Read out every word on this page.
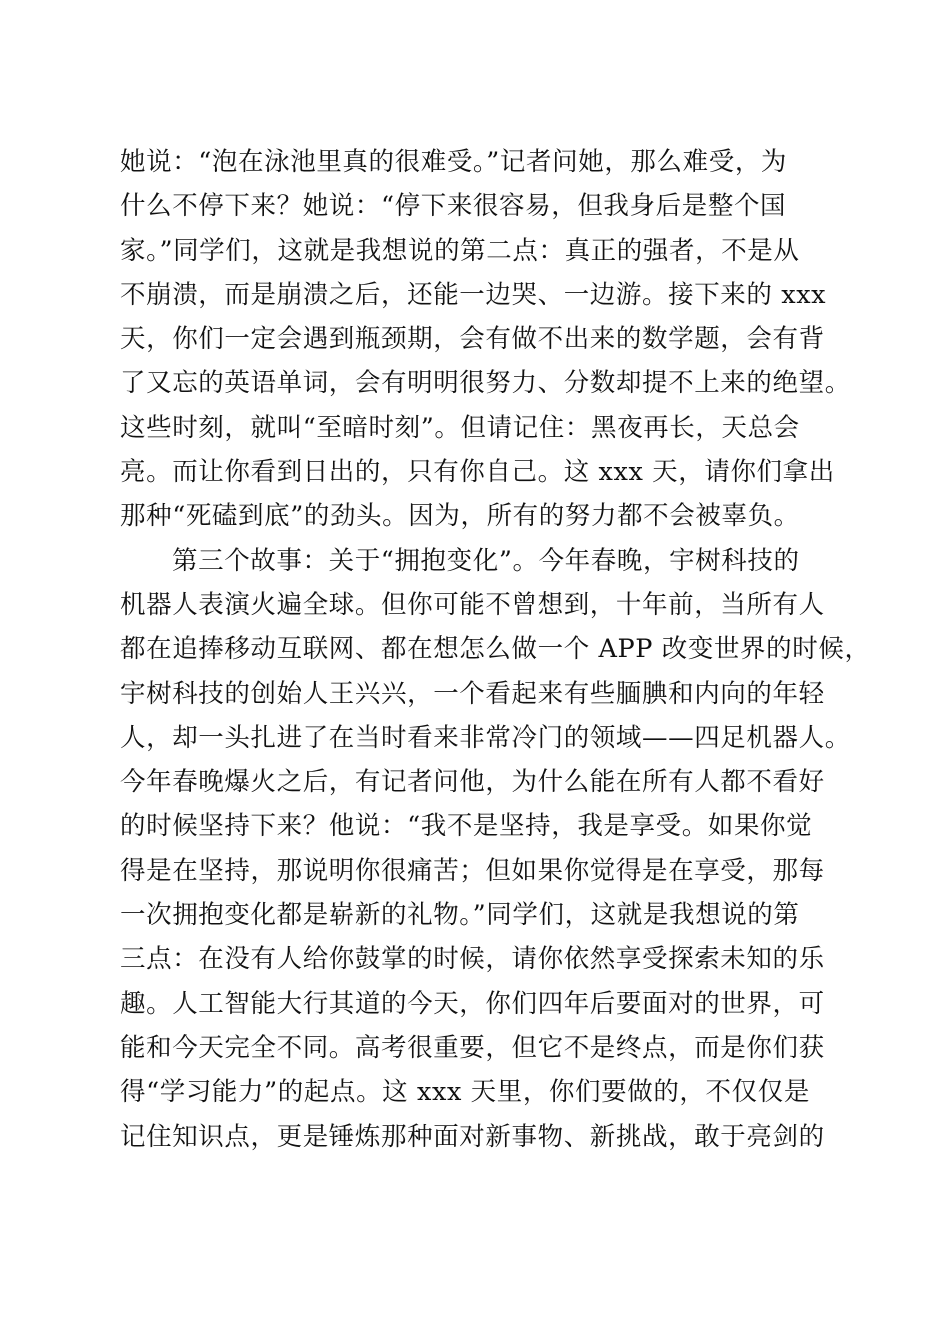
她说：“泡在泳池里真的很难受。”记者问她，那么难受，为
什么不停下来？她说：“停下来很容易，但我身后是整个国
家。”同学们，这就是我想说的第二点：真正的强者，不是从
不崩溃，而是崩溃之后，还能一边哭、一边游。接下来的 xxx
天，你们一定会遇到瓶颈期，会有做不出来的数学题，会有背
了又忘的英语单词，会有明明很努力、分数却提不上来的绝望。
这些时刻，就叫“至暗时刻”。但请记住：黑夜再长，天总会
亮。而让你看到日出的，只有你自己。这 xxx 天，请你们拿出
那种“死磕到底”的劲头。因为，所有的努力都不会被辜负。
第三个故事：关于“拥抱变化”。今年春晚，宇树科技的
机器人表演火遍全球。但你可能不曾想到，十年前，当所有人
都在追捧移动互联网、都在想怎么做一个 APP 改变世界的时候，
宇树科技的创始人王兴兴，一个看起来有些腼腆和内向的年轻
人，却一头扎进了在当时看来非常冷门的领域——四足机器人。
今年春晚爆火之后，有记者问他，为什么能在所有人都不看好
的时候坚持下来？他说：“我不是坚持，我是享受。如果你觉
得是在坚持，那说明你很痛苦；但如果你觉得是在享受，那每
一次拥抱变化都是崭新的礼物。”同学们，这就是我想说的第
三点：在没有人给你鼓掌的时候，请你依然享受探索未知的乐
趣。人工智能大行其道的今天，你们四年后要面对的世界，可
能和今天完全不同。高考很重要，但它不是终点，而是你们获
得“学习能力”的起点。这 xxx 天里，你们要做的，不仅仅是
记住知识点，更是锤炼那种面对新事物、新挑战，敢于亮剑的
